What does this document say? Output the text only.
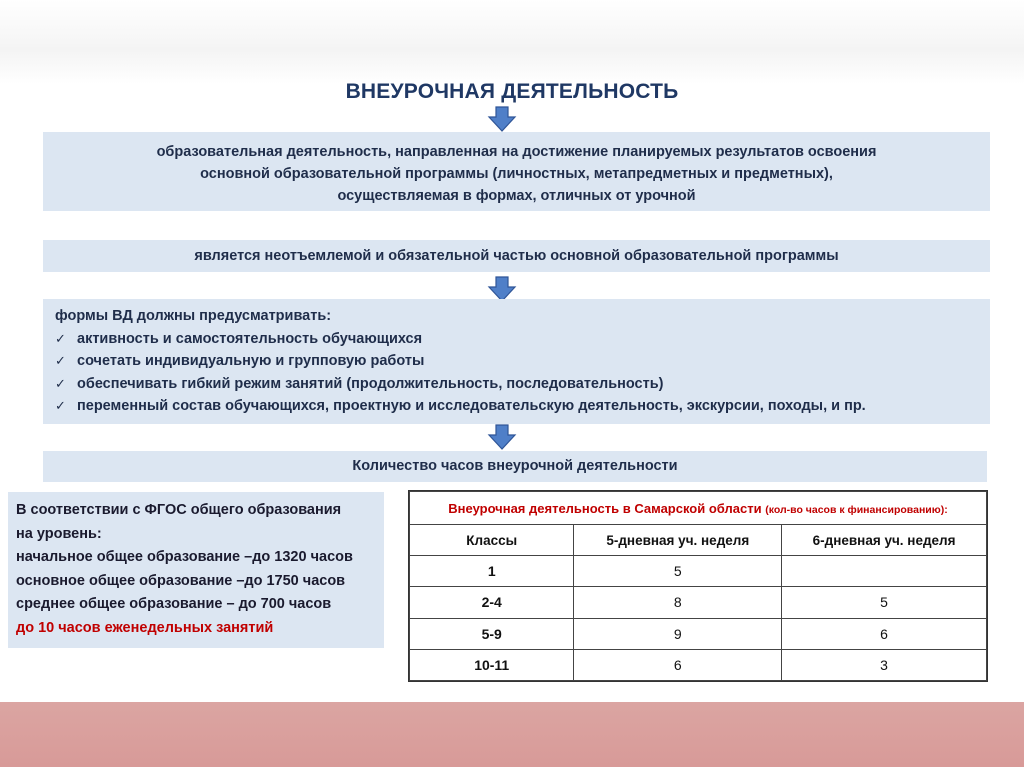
ВНЕУРОЧНАЯ ДЕЯТЕЛЬНОСТЬ
образовательная деятельность, направленная на достижение планируемых результатов освоения
основной образовательной программы (личностных, метапредметных и предметных),
осуществляемая в формах, отличных от урочной
является неотъемлемой и обязательной частью основной образовательной программы
формы ВД должны предусматривать:
✓ активность и самостоятельность обучающихся
✓ сочетать индивидуальную и групповую работы
✓ обеспечивать гибкий режим занятий (продолжительность, последовательность)
✓ переменный состав обучающихся, проектную и исследовательскую деятельность, экскурсии, походы, и пр.
Количество часов внеурочной деятельности
В соответствии с ФГОС общего образования
на уровень:
начальное общее образование –до 1320 часов
основное общее образование –до 1750 часов
среднее общее образование – до 700 часов
до 10 часов еженедельных занятий
Внеурочная деятельность в Самарской области (кол-во часов к финансированию):		
Классы	5-дневная уч. неделя	6-дневная уч. неделя
1	5	
2-4	8	5
5-9	9	6
10-11	6	3
